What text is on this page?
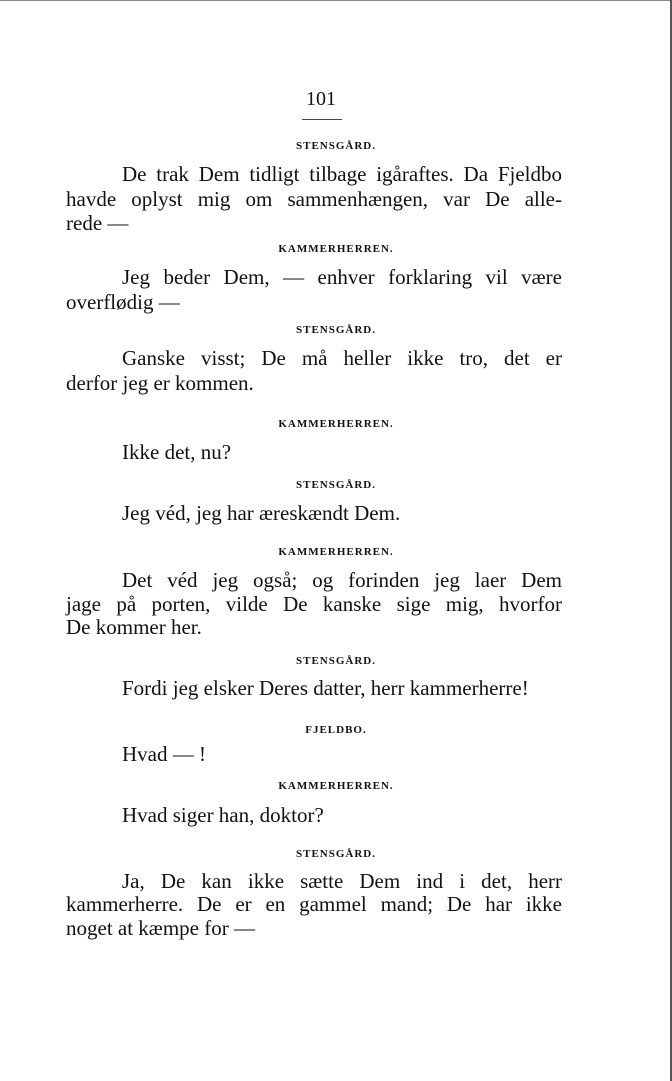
101
STENSGÅRD.
De trak Dem tidligt tilbage igåraftes. Da Fjeldbo
havde oplyst mig om sammenhængen, var De alle-
rede —
KAMMERHERREN.
Jeg beder Dem, — enhver forklaring vil være
overflødig —
STENSGÅRD.
Ganske visst; De må heller ikke tro, det er
derfor jeg er kommen.
KAMMERHERREN.
Ikke det, nu?
STENSGÅRD.
Jeg véd, jeg har æreskændt Dem.
KAMMERHERREN.
Det véd jeg også; og forinden jeg laer Dem
jage på porten, vilde De kanske sige mig, hvorfor
De kommer her.
STENSGÅRD.
Fordi jeg elsker Deres datter, herr kammerherre!
FJELDBO.
Hvad — !
KAMMERHERREN.
Hvad siger han, doktor?
STENSGÅRD.
Ja, De kan ikke sætte Dem ind i det, herr
kammerherre. De er en gammel mand; De har ikke
noget at kæmpe for —
